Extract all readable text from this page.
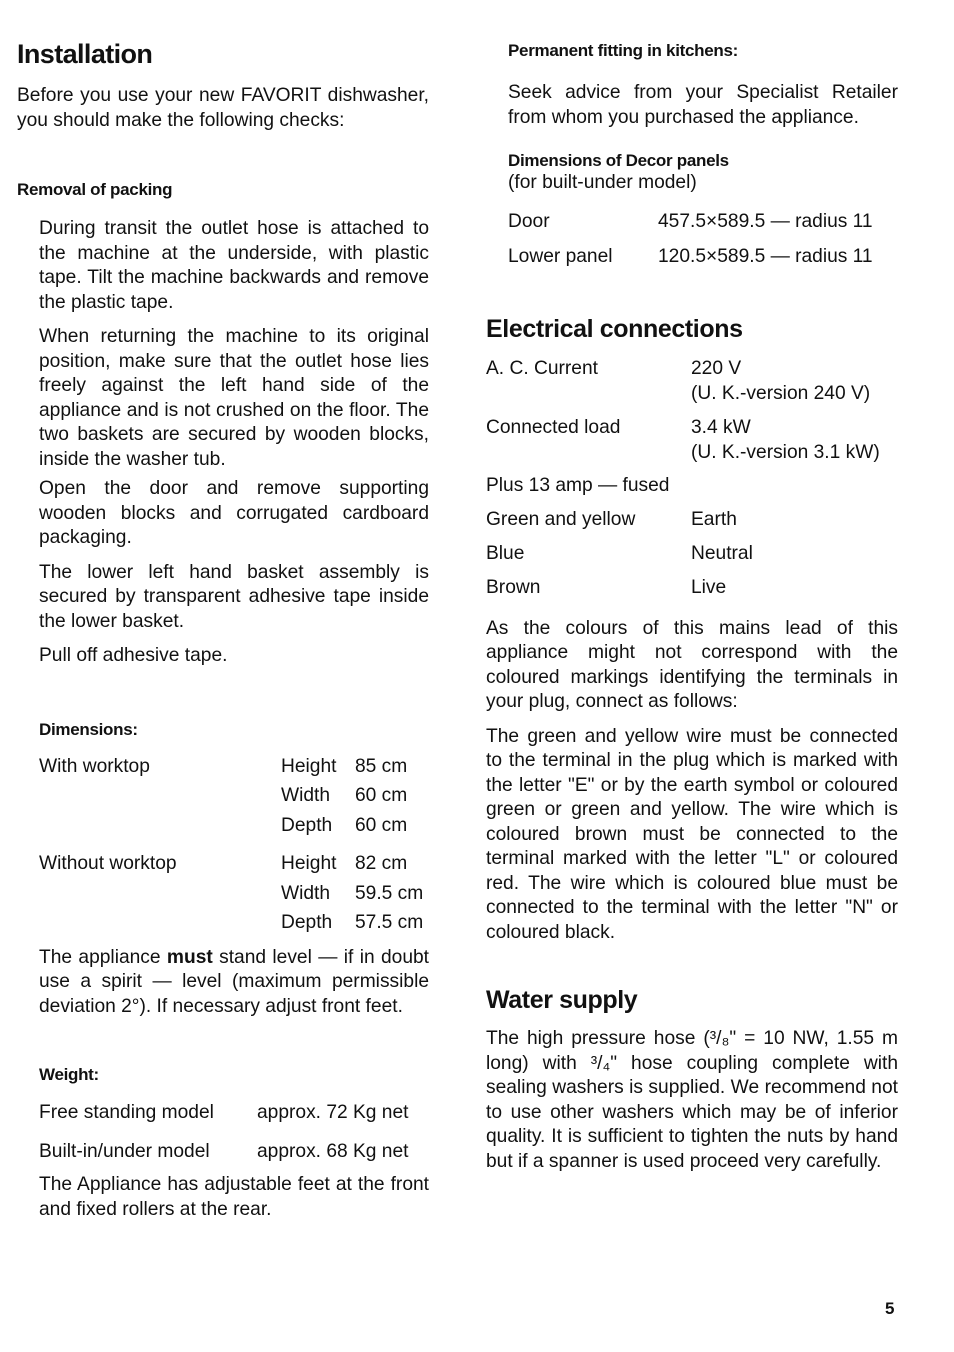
Installation

Before you use your new FAVORIT dishwasher, you should make the following checks:

Removal of packing

During transit the outlet hose is attached to the machine at the underside, with plastic tape. Tilt the machine backwards and remove the plastic tape.

When returning the machine to its original position, make sure that the outlet hose lies freely against the left hand side of the appliance and is not crushed on the floor. The two baskets are secured by wooden blocks, inside the washer tub.

Open the door and remove supporting wooden blocks and corrugated cardboard packaging.

The lower left hand basket assembly is secured by transparent adhesive tape inside the lower basket.

Pull off adhesive tape.

Dimensions:
With worktop	Height	85 cm
	Width	60 cm
	Depth	60 cm
Without worktop	Height	82 cm
	Width	59.5 cm
	Depth	57.5 cm

The appliance must stand level — if in doubt use a spirit — level (maximum permissible deviation 2°). If necessary adjust front feet.

Weight:
Free standing model	approx. 72 Kg net
Built-in/under model	approx. 68 Kg net

The Appliance has adjustable feet at the front and fixed rollers at the rear.

Permanent fitting in kitchens:

Seek advice from your Specialist Retailer from whom you purchased the appliance.

Dimensions of Decor panels

(for built-under model)

Door	457.5×589.5 — radius 11
Lower panel	120.5×589.5 — radius 11
Electrical connections
A. C. Current	220 V
(U. K.-version 240 V)

Connected load	3.4 kW
(U. K.-version 3.1 kW)

Plus 13 amp — fused	
Green and yellow	Earth
Blue	Neutral
Brown	Live

As the colours of this mains lead of this appliance might not correspond with the coloured markings identifying the terminals in your plug, connect as follows:

The green and yellow wire must be connected to the terminal in the plug which is marked with the letter "E" or by the earth symbol or coloured green or green and yellow. The wire which is coloured brown must be connected to the terminal marked with the letter "L" or coloured red. The wire which is coloured blue must be connected to the terminal with the letter "N" or coloured black.

Water supply

The high pressure hose (³/₈" = 10 NW, 1.55 m long) with ³/₄" hose coupling complete with sealing washers is supplied. We recommend not to use other washers which may be of inferior quality. It is sufficient to tighten the nuts by hand but if a spanner is used proceed very carefully.

5
